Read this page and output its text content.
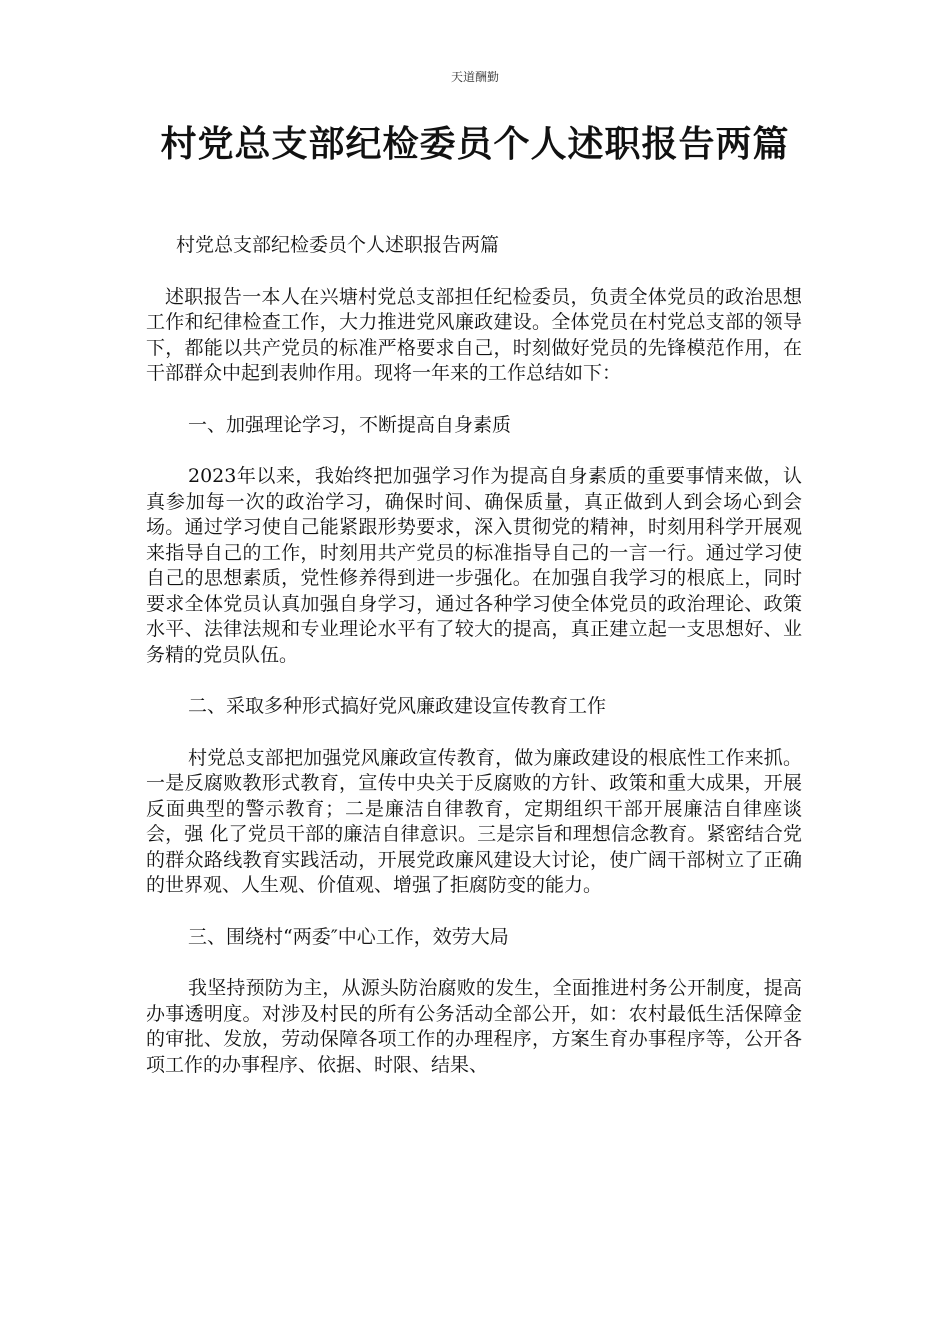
天道酬勤
村党总支部纪检委员个人述职报告两篇

村党总支部纪检委员个人述职报告两篇

述职报告一本人在兴塘村党总支部担任纪检委员，负责全体党员的政治思想工作和纪律检查工作，大力推进党风廉政建设。全体党员在村党总支部的领导下，都能以共产党员的标准严格要求自己，时刻做好党员的先锋模范作用，在干部群众中起到表帅作用。现将一年来的工作总结如下：

一、加强理论学习，不断提高自身素质

2023年以来，我始终把加强学习作为提高自身素质的重要事情来做，认真参加每一次的政治学习，确保时间、确保质量，真正做到人到会场心到会场。通过学习使自己能紧跟形势要求，深入贯彻党的精神，时刻用科学开展观来指导自己的工作，时刻用共产党员的标准指导自己的一言一行。通过学习使自己的思想素质，党性修养得到进一步强化。在加强自我学习的根底上，同时要求全体党员认真加强自身学习，通过各种学习使全体党员的政治理论、政策水平、法律法规和专业理论水平有了较大的提高，真正建立起一支思想好、业务精的党员队伍。

二、采取多种形式搞好党风廉政建设宣传教育工作

村党总支部把加强党风廉政宣传教育，做为廉政建设的根底性工作来抓。一是反腐败教形式教育，宣传中央关于反腐败的方针、政策和重大成果，开展反面典型的警示教育；二是廉洁自律教育，定期组织干部开展廉洁自律座谈会，强 化了党员干部的廉洁自律意识。三是宗旨和理想信念教育。紧密结合党的群众路线教育实践活动，开展党政廉风建设大讨论，使广阔干部树立了正确的世界观、人生观、价值观、增强了拒腐防变的能力。

三、围绕村“两委″中心工作，效劳大局

我坚持预防为主，从源头防治腐败的发生，全面推进村务公开制度，提高办事透明度。对涉及村民的所有公务活动全部公开，如：农村最低生活保障金的审批、发放，劳动保障各项工作的办理程序，方案生育办事程序等，公开各项工作的办事程序、依据、时限、结果、
